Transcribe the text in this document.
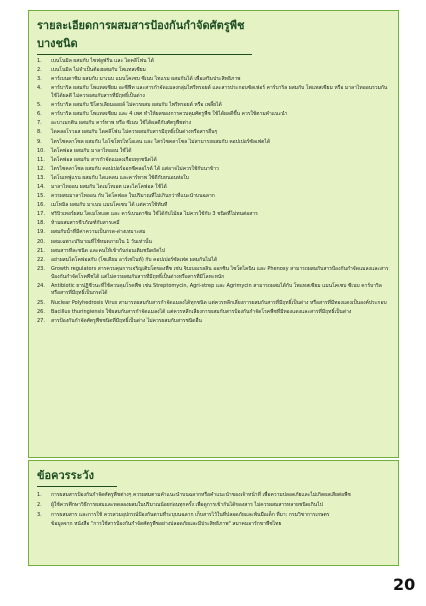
รายละเอียดการผสมสารป้องกันกำจัดศัตรูพืชบางชนิด
1.	เบนโนมิล ผสมกับ ไซฟลูฟรีน และ ไดคลีโฟน ได้
2.	เบนโนมิล ไม่จำเป็นต้องผสมกับ โพแทสเซียม
3.	คาร์เบนดาซิม ผสมกับ มาเนบ แมนโคเซบ ซีเนบ ไทแรม ผสมกันได้ เพื่อเสริมประสิทธิภาพ
4.	คาร์บาริล ผสมกับ โพแทสเซียม อะซีฟีท และสารกำจัดแมลงกลุ่มไพรีทรอยด์ และสารประกอบซัลเฟอร์ คาร์บาริล ผสมกับ โพแทสเซียม หรือ มาลาไทออนรวมกันใช้ได้ผลดี ไม่ควรผสมกับสารที่มีฤทธิ์เป็นด่าง
5.	คาร์บาริล ผสมกับ ปิโตรเลียมออยล์ ไม่ควรผสม ผสมกับ ไพรีทรอยด์ หรือ เพลี้ยได้
6.	คาร์บาริล ผสมกับ โพแทสเซียม และ 4 เพศ ทำให้ผลของการควบคุมศัตรูพืช ใช้ได้ผลดีขึ้น ควรใช้ตามคำแนะนำ
7.	อะบาเมกติน ผสมกับ คาร์ทาพ หรือ ซีเนบ ใช้ได้ผลดีกับศัตรูพืชต่าง
8.	ไดคลอโรวอส ผสมกับ ไดคลีโฟน ไม่ควรผสมกับสารมีฤทธิ์เป็นด่างหรือสารอื่นๆ
9.	ไตรไซคลาโซล ผสมกับ ไอโซโพรไทโอเลน และ ไตรไซคลาโซล ไม่สามารถผสมกับ คอปเปอร์ซัลเฟตได้
10.	ไดโคฟอล ผสมกับ มาลาไทออน ใช้ได้
11.	ไดโคฟอล ผสมกับ สารกำจัดแมลงเกือบทุกชนิดได้
12.	ไตรไซคลาโซล ผสมกับ คอปเปอร์ออกซีคลอไรด์ ได้ แต่อาจไม่ควรใช้กับนาข้าว
13.	ไดโนเทฟูแรน ผสมกับ ไดแคลน และคาร์ทาพ ใช้ดีกับหนอนห่อใบ
14.	มาลาไทออน ผสมกับ ไดเมโทเอต และไดโคฟอล ใช้ได้
15.	ควรผสมมาลาไทออน กับ ไดโคฟอล ในปริมาณที่ไม่เกินกว่าที่แนะนำบนฉลาก
16.	เมโทมิล ผสมกับ มาเนบ แมนโคเซบ ได้ แต่ควรใช้ทันที
17.	ทริบิวเทอร์ผสม ไดเมโทเอต และ คาร์เบนดาซิม ใช้ได้กับไม้ผล ไม่ควรใช้กับ 3 ชนิดที่ไม่ทนต่อสาร
18.	ห้ามผสมสารชีวภัณฑ์กับสารเคมี
19.	ผสมกับน้ำที่มีค่าความเป็นกรด-ด่างเหมาะสม
20.	ผสมเฉพาะปริมาณที่ใช้หมดภายใน 1 วันเท่านั้น
21.	ผสมสารทีละชนิด และคนให้เข้ากันก่อนเติมชนิดถัดไป
22.	อย่าผสมไดโคฟอลกับ (โซเดียม อาร์เซไนท์) กับ คอปเปอร์ซัลเฟต ผสมกันไม่ได้
23.	Growth regulators สารควบคุมการเจริญเติบโตของพืช เช่น จิบเบอเรลลิน ออกซิน ไซโตไคนิน และ Phenoxy สามารถผสมกับสารป้องกันกำจัดแมลงและสารป้องกันกำจัดโรคพืชได้ แต่ไม่ควรผสมกับสารที่มีฤทธิ์เป็นด่างหรือสารที่มีโลหะหนัก
24.	Antibiotic ยาปฏิชีวนะที่ใช้ควบคุมโรคพืช เช่น Streptomycin, Agri-strep และ Agrimycin สามารถผสมได้กับ โพแทสเซียม แมนโคเซบ ซีเนบ คาร์บาริล หรือสารที่มีฤทธิ์เป็นกรดได้
25.	Nuclear Polyhedrosis Virus สามารถผสมกับสารกำจัดแมลงได้ทุกชนิด แต่ควรหลีกเลี่ยงการผสมกับสารที่มีฤทธิ์เป็นด่าง หรือสารที่มีทองแดงเป็นองค์ประกอบ
26.	Bacillus thuringiensis ใช้ผสมกับสารกำจัดแมลงได้ แต่ควรหลีกเลี่ยงการผสมกับสารป้องกันกำจัดโรคพืชที่มีทองแดงและสารที่มีฤทธิ์เป็นด่าง
27.	สารป้องกันกำจัดศัตรูพืชชนิดที่มีฤทธิ์เป็นด่าง ไม่ควรผสมกับสารชนิดอื่น
ข้อควรระวัง
1.	การผสมสารป้องกันกำจัดศัตรูพืชต่างๆ ควรผสมตามคำแนะนำบนฉลากหรือคำแนะนำของเจ้าหน้าที่ เพื่อความปลอดภัยและไม่เกิดผลเสียต่อพืช
2.	ผู้ใช้ควรศึกษาวิธีการผสมและทดลองผสมในปริมาณน้อยก่อนทุกครั้ง เพื่อดูการเข้ากันได้ของสาร ไม่ควรผสมสารหลายชนิดเกินไป
3.	การผสมสาร และการใช้ ควรสวมอุปกรณ์ป้องกันตามที่ระบุบนฉลาก เก็บสารไว้ในที่ปลอดภัยและพ้นมือเด็ก ที่มา: กรมวิชาการเกษตร
ข้อมูลจาก หนังสือ "การใช้สารป้องกันกำจัดศัตรูพืชอย่างปลอดภัยและมีประสิทธิภาพ" สมาคมอารักขาพืชไทย
20
